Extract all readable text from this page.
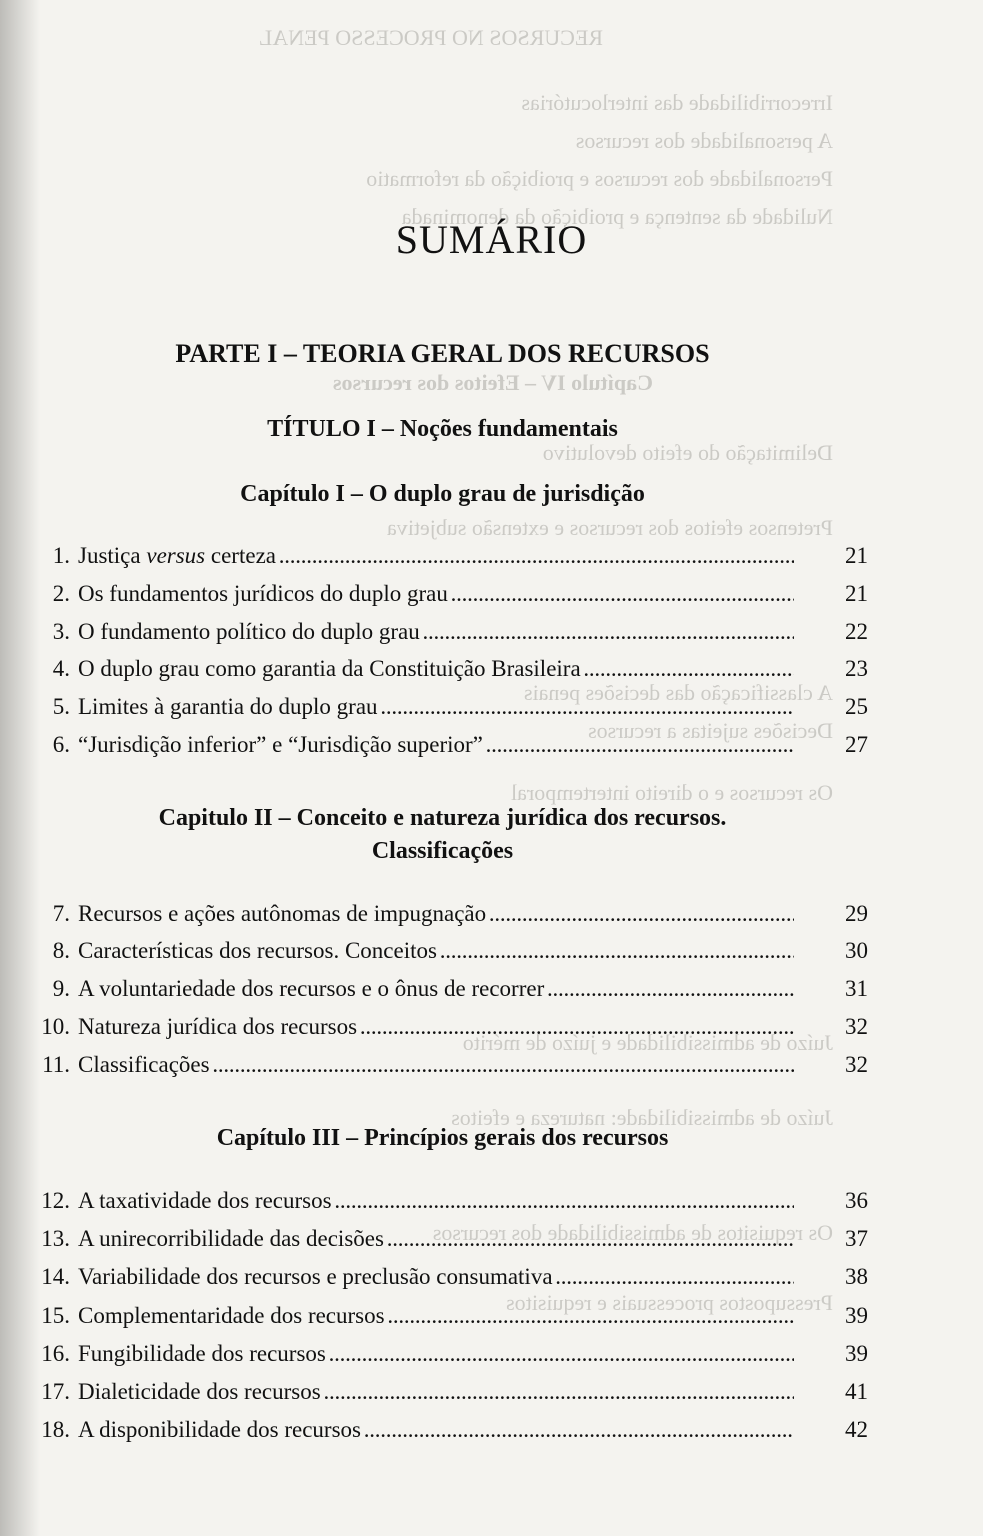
RECURSOS NO PROCESSO PENAL
Irrecorribilidade das interlocutórias
A personalidade dos recursos
Personalidade dos recursos e proibição da reformatio
Nulidade da sentença e proibição da denominada
Capítulo IV – Efeitos dos recursos
Delimitação do efeito devolutivo
Pretensos efeitos dos recursos e extensão subjetiva
A classificação das decisões penais
Decisões sujeitas a recursos
Os recursos e o direito intertemporal
Juízo de admissibilidade e juízo de mérito
Juízo de admissibilidade: natureza e efeitos
Os requisitos de admissibilidade dos recursos
Pressupostos processuais e requisitos
SUMÁRIO
PARTE I – TEORIA GERAL DOS RECURSOS
TÍTULO I – Noções fundamentais
Capítulo I – O duplo grau de jurisdição
1. Justiça versus certeza . . .	21
2. Os fundamentos jurídicos do duplo grau . . .	21
3. O fundamento político do duplo grau . . .	22
4. O duplo grau como garantia da Constituição Brasileira . . .	23
5. Limites à garantia do duplo grau . . .	25
6. “Jurisdição inferior” e “Jurisdição superior” . . .	27
Capitulo II – Conceito e natureza jurídica dos recursos.
Classificações
7. Recursos e ações autônomas de impugnação . . .	29
8. Características dos recursos. Conceitos . . .	30
9. A voluntariedade dos recursos e o ônus de recorrer . . .	31
10. Natureza jurídica dos recursos . . .	32
11. Classificações . . .	32
Capítulo III – Princípios gerais dos recursos
12. A taxatividade dos recursos . . .	36
13. A unirecorribilidade das decisões . . .	37
14. Variabilidade dos recursos e preclusão consumativa . . .	38
15. Complementaridade dos recursos . . .	39
16. Fungibilidade dos recursos . . .	39
17. Dialeticidade dos recursos . . .	41
18. A disponibilidade dos recursos . . .	42
